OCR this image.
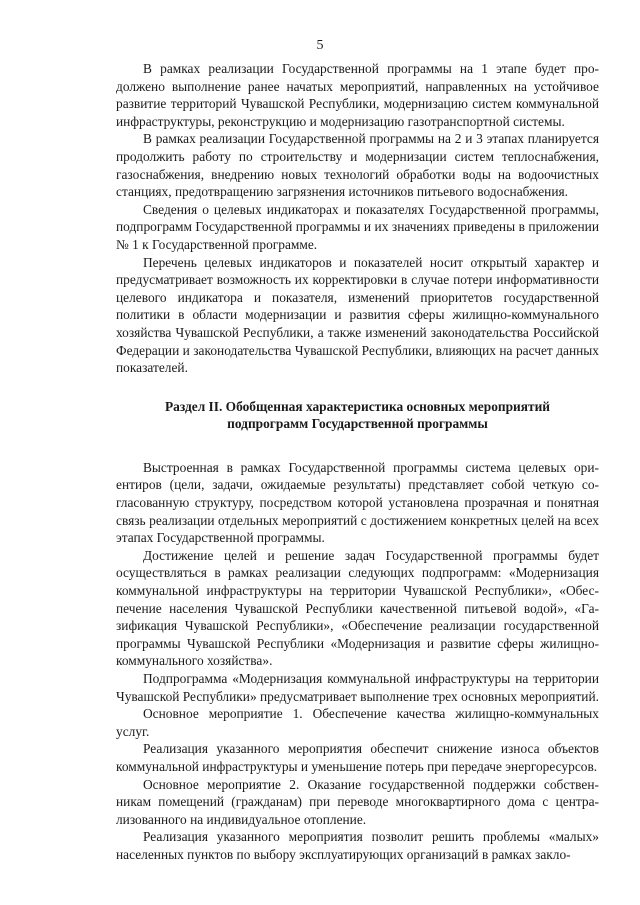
5

В рамках реализации Государственной программы на 1 этапе будет продолжено выполнение ранее начатых мероприятий, направленных на устойчивое развитие территорий Чувашской Республики, модернизацию систем коммунальной инфраструктуры, реконструкцию и модернизацию газотранспортной системы.

В рамках реализации Государственной программы на 2 и 3 этапах планируется продолжить работу по строительству и модернизации систем теплоснабжения, газоснабжения, внедрению новых технологий обработки воды на водоочистных станциях, предотвращению загрязнения источников питьевого водоснабжения.

Сведения о целевых индикаторах и показателях Государственной программы, подпрограмм Государственной программы и их значениях приведены в приложении № 1 к Государственной программе.

Перечень целевых индикаторов и показателей носит открытый характер и предусматривает возможность их корректировки в случае потери информативности целевого индикатора и показателя, изменений приоритетов государственной политики в области модернизации и развития сферы жилищно-коммунального хозяйства Чувашской Республики, а также изменений законодательства Российской Федерации и законодательства Чувашской Республики, влияющих на расчет данных показателей.

Раздел II. Обобщенная характеристика основных мероприятий
подпрограмм Государственной программы

Выстроенная в рамках Государственной программы система целевых ориентиров (цели, задачи, ожидаемые результаты) представляет собой четкую согласованную структуру, посредством которой установлена прозрачная и понятная связь реализации отдельных мероприятий с достижением конкретных целей на всех этапах Государственной программы.

Достижение целей и решение задач Государственной программы будет осуществляться в рамках реализации следующих подпрограмм: «Модернизация коммунальной инфраструктуры на территории Чувашской Республики», «Обеспечение населения Чувашской Республики качественной питьевой водой», «Газификация Чувашской Республики», «Обеспечение реализации государственной программы Чувашской Республики «Модернизация и развитие сферы жилищно-коммунального хозяйства».

Подпрограмма «Модернизация коммунальной инфраструктуры на территории Чувашской Республики» предусматривает выполнение трех основных мероприятий.

Основное мероприятие 1. Обеспечение качества жилищно-коммунальных услуг.

Реализация указанного мероприятия обеспечит снижение износа объектов коммунальной инфраструктуры и уменьшение потерь при передаче энергоресурсов.

Основное мероприятие 2. Оказание государственной поддержки собственникам помещений (гражданам) при переводе многоквартирного дома с централизованного на индивидуальное отопление.

Реализация указанного мероприятия позволит решить проблемы «малых» населенных пунктов по выбору эксплуатирующих организаций в рамках закло-
